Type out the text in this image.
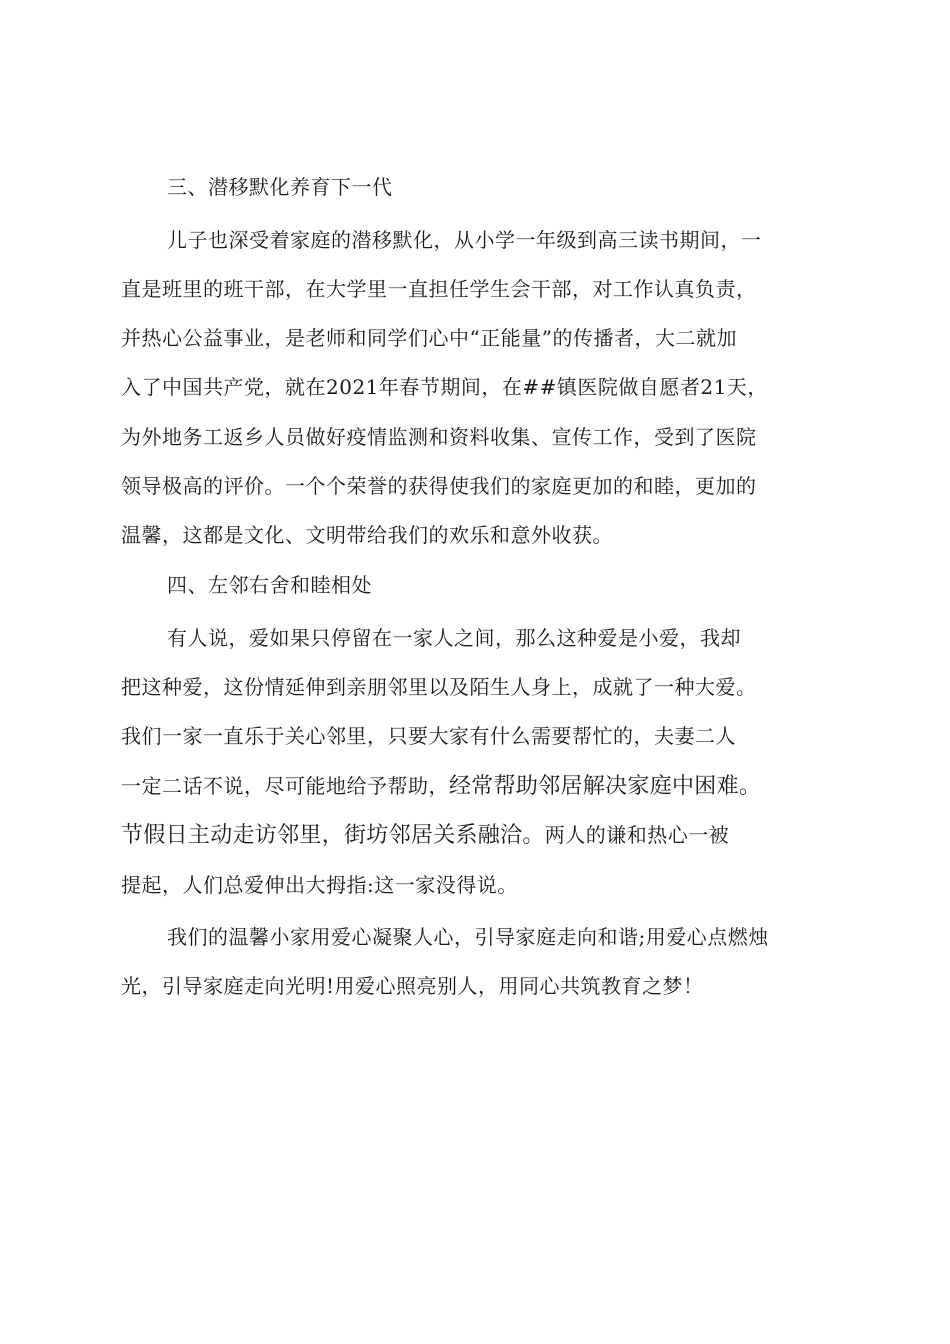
三、潜移默化养育下一代

儿子也深受着家庭的潜移默化，从小学一年级到高三读书期间，一

直是班里的班干部，在大学里一直担任学生会干部，对工作认真负责，

并热心公益事业，是老师和同学们心中“正能量”的传播者，大二就加

入了中国共产党，就在2021年春节期间，在##镇医院做自愿者21天，

为外地务工返乡人员做好疫情监测和资料收集、宣传工作，受到了医院

领导极高的评价。一个个荣誉的获得使我们的家庭更加的和睦，更加的

温馨，这都是文化、文明带给我们的欢乐和意外收获。

四、左邻右舍和睦相处

有人说，爱如果只停留在一家人之间，那么这种爱是小爱，我却

把这种爱，这份情延伸到亲朋邻里以及陌生人身上，成就了一种大爱。

我们一家一直乐于关心邻里，只要大家有什么需要帮忙的，夫妻二人

一定二话不说，尽可能地给予帮助，经常帮助邻居解决家庭中困难。

节假日主动走访邻里，街坊邻居关系融洽。两人的谦和热心一被

提起，人们总爱伸出大拇指:这一家没得说。

我们的温馨小家用爱心凝聚人心，引导家庭走向和谐;用爱心点燃烛

光，引导家庭走向光明!用爱心照亮别人，用同心共筑教育之梦！
